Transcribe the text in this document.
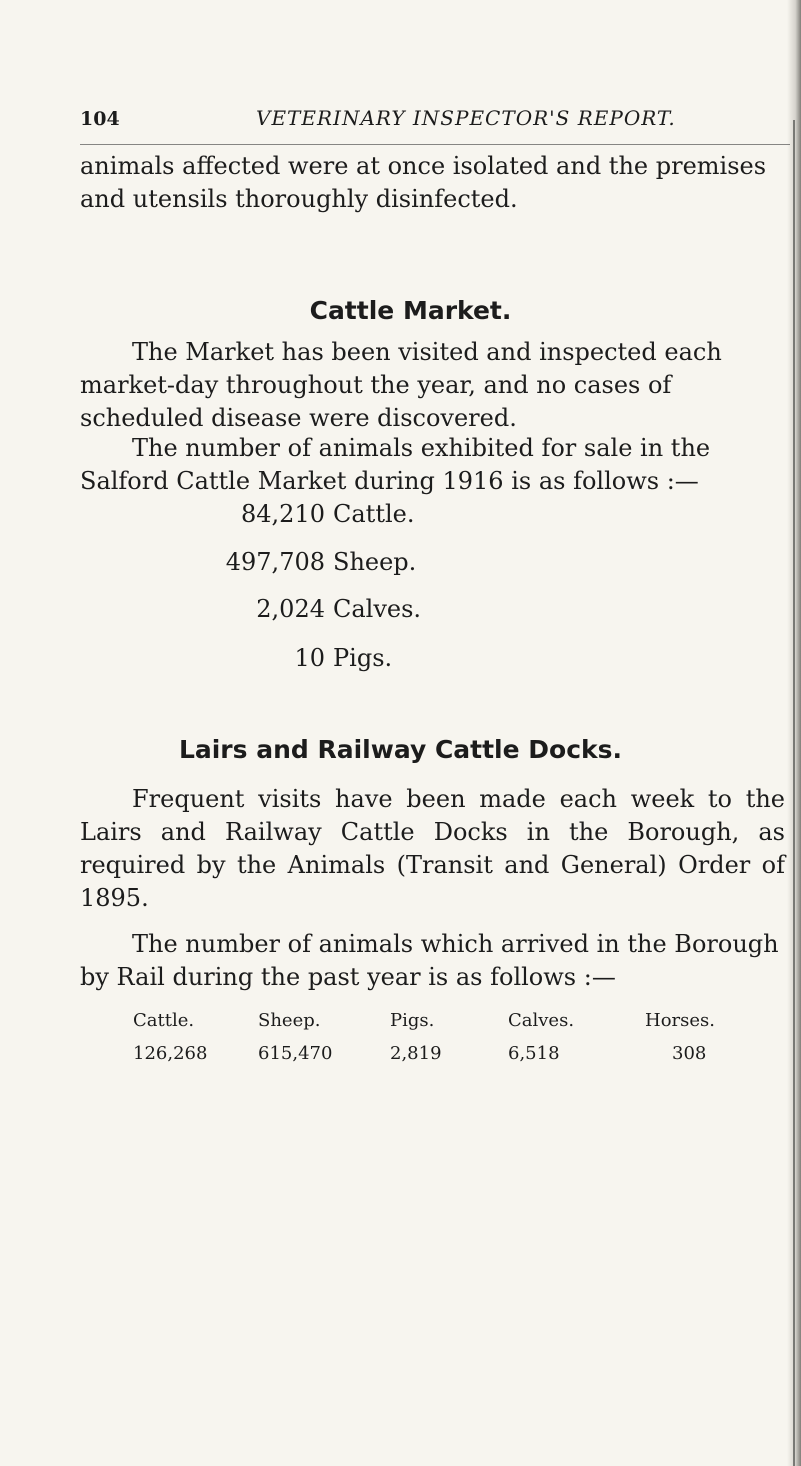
104	VETERINARY INSPECTOR'S REPORT.
animals affected were at once isolated and the premises and utensils thoroughly disinfected.
Cattle Market.
The Market has been visited and inspected each market-day throughout the year, and no cases of scheduled disease were discovered.
The number of animals exhibited for sale in the Salford Cattle Market during 1916 is as follows :—
84,210 Cattle.
497,708 Sheep.
2,024 Calves.
10 Pigs.
Lairs and Railway Cattle Docks.
Frequent visits have been made each week to the Lairs and Railway Cattle Docks in the Borough, as required by the Animals (Transit and General) Order of 1895.
The number of animals which arrived in the Borough by Rail during the past year is as follows :—
Cattle.	Sheep.	Pigs.	Calves.	Horses.
126,268	615,470	2,819	6,518	308
